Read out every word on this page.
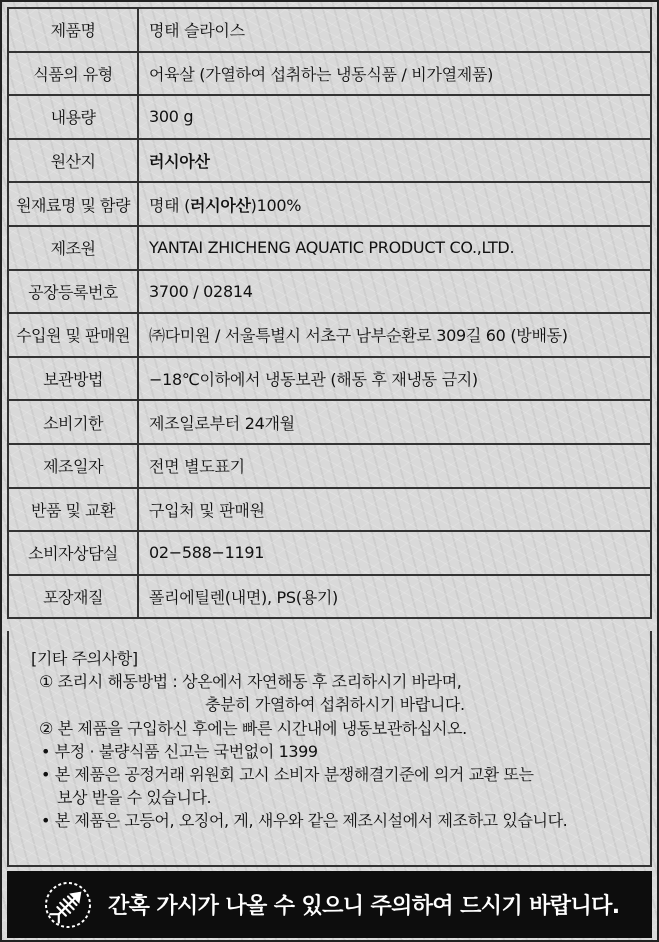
제품명	명태 슬라이스
식품의 유형	어육살 (가열하여 섭취하는 냉동식품 / 비가열제품)
내용량	300 g
원산지	러시아산
원재료명 및 함량	명태 (러시아산)100%
제조원	YANTAI ZHICHENG AQUATIC PRODUCT CO.,LTD.
공장등록번호	3700 / 02814
수입원 및 판매원	㈜다미원 / 서울특별시 서초구 남부순환로 309길 60 (방배동)
보관방법	−18℃이하에서 냉동보관 (해동 후 재냉동 금지)
소비기한	제조일로부터 24개월
제조일자	전면 별도표기
반품 및 교환	구입처 및 판매원
소비자상담실	02−588−1191
포장재질	폴리에틸렌(내면), PS(용기)
[기타 주의사항]
① 조리시 해동방법 : 상온에서 자연해동 후 조리하시기 바라며,
충분히 가열하여 섭취하시기 바랍니다.
② 본 제품을 구입하신 후에는 빠른 시간내에 냉동보관하십시오.
• 부정 · 불량식품 신고는 국번없이 1399
• 본 제품은 공정거래 위원회 고시 소비자 분쟁해결기준에 의거 교환 또는
보상 받을 수 있습니다.
• 본 제품은 고등어, 오징어, 게, 새우와 같은 제조시설에서 제조하고 있습니다.
간혹 가시가 나올 수 있으니 주의하여 드시기 바랍니다.
